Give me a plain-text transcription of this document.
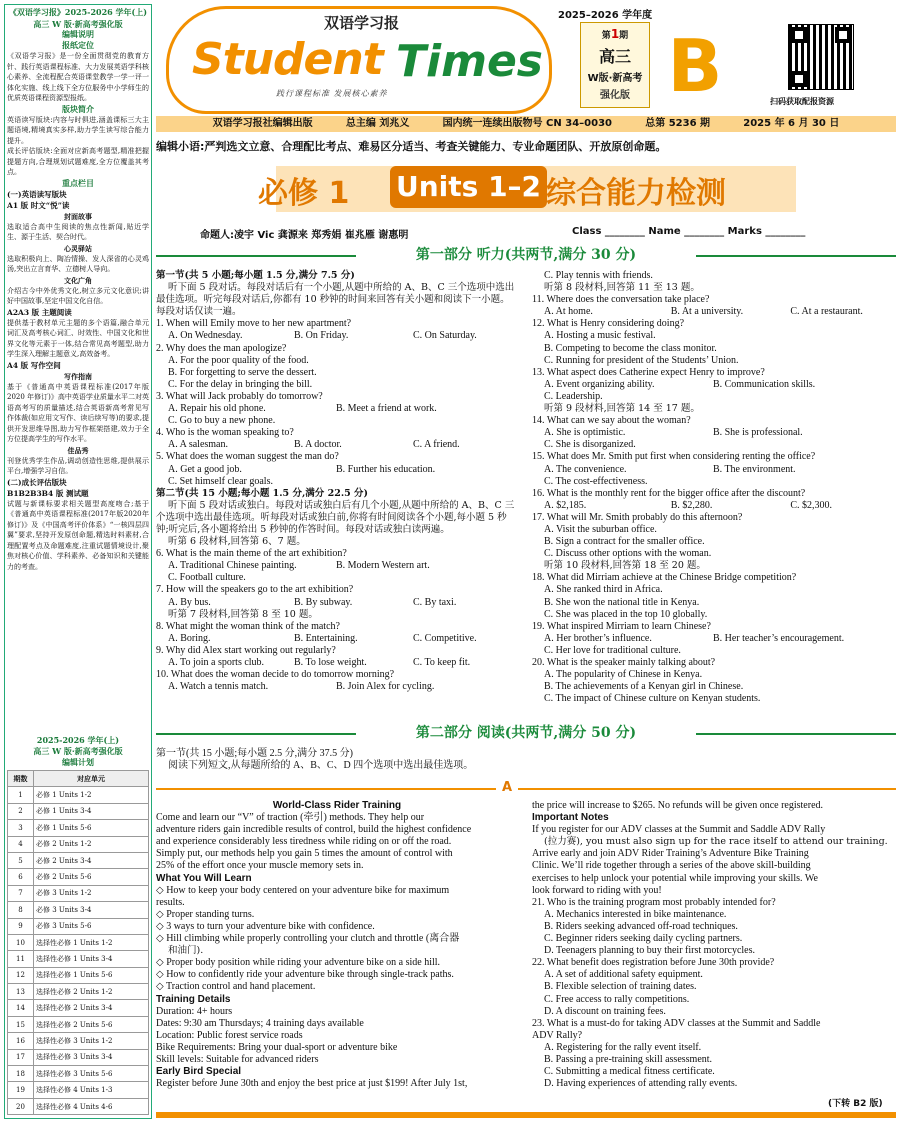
《双语学习报》2025-2026 学年(上)
高三 W 版·新高考强化版
编辑说明
报纸定位
《双语学习报》是一份全面贯彻党的教育方针、践行英语课程标准、大力发展英语学科核心素养、全流程配合英语课堂教学一学一评一体化实施、线上线下全方位服务中小学师生的优质英语课程资源型报纸。
版块简介
英语读写版块:内容与时俱进,涵盖课标三大主题语境,精境真实多样,助力学生读写综合能力提升。
成长评估版块:全面对应新高考题型,精准把握提题方向,合理规划试题难度,全方位覆盖其考点。
重点栏目
(一)英语读写版块
A1 版 时文“悦”读
封面故事
选取适合高中生阅读的焦点性新闻,贴近学生、源于生活、契合时代。
心灵驿站
选取积极向上、陶冶情操、发人深省的心灵鸡汤,突出立言育华、立德树人导向。
文化广角
介绍古今中外优秀文化,树立多元文化意识;讲好中国故事,坚定中国文化自信。
A2A3 版 主题阅读
提供基于教材单元主题的多个语篇,融合单元词汇及高考核心词汇、时效性、中国文化和世界文化等元素于一体,结合常见高考题型,助力学生深入理解主题意义,高效备考。
A4 版 写作空间
写作指南
基于《普通高中英语课程标准(2017年版 2020 年修订)》高中英语学业质量水平二对英语高考写的质量描述,结合英语新高考常见写作体裁(如应用文写作、读后续写等)的要求,提供开发思维导图,助力写作框架搭建,效力于全方位提高学生的写作水平。
佳品秀
刊登优秀学生作品,调动创造性思维,提供展示平台,增强学习自信。
(二)成长评估版块
B1B2B3B4 版 测试题
试题与新课标要求相关题型高度吻合;基于《普通高中英语课程标准(2017年版2020年修订)》及《中国高考评价体系》“一核四层四翼”要求,坚持开发原创命题,精选时料素材,合理配置考点及命题难度,注重试题情境设计,聚焦对核心价值、学科素养、必备知识和关键能力的考查。
2025-2026 学年(上)
高三 W 版·新高考强化版
编辑计划
期数	对应单元
1	必修 1 Units 1-2
2	必修 1 Units 3-4
3	必修 1 Units 5-6
4	必修 2 Units 1-2
5	必修 2 Units 3-4
6	必修 2 Units 5-6
7	必修 3 Units 1-2
8	必修 3 Units 3-4
9	必修 3 Units 5-6
10	选择性必修 1 Units 1-2
11	选择性必修 1 Units 3-4
12	选择性必修 1 Units 5-6
13	选择性必修 2 Units 1-2
14	选择性必修 2 Units 3-4
15	选择性必修 2 Units 5-6
16	选择性必修 3 Units 1-2
17	选择性必修 3 Units 3-4
18	选择性必修 3 Units 5-6
19	选择性必修 4 Units 1-3
20	选择性必修 4 Units 4-6
双语学习报
Student Times
践行课程标准 发展核心素养
2025–2026 学年度
第1期
高三
W版·新高考
强化版 B	扫码获取配报资源
双语学习报社编辑出版	总主编 刘兆义	国内统一连续出版物号 CN 34–0030	总第 5236 期	2025 年 6 月 30 日
编辑小语:严判选文立意、合理配比考点、难易区分适当、考查关键能力、专业命题团队、开放原创命题。
必修 1 Units 1–2 综合能力检测
命题人:凌宇 Vic 龚源来 郑秀娟 崔兆雁 谢惠明	Class ________ Name ________ Marks ________
第一部分 听力(共两节,满分 30 分)

第一节(共 5 小题;每小题 1.5 分,满分 7.5 分)

听下面 5 段对话。每段对话后有一个小题,从题中所给的 A、B、C 三个选项中选出最佳选项。听完每段对话后,你都有 10 秒钟的时间来回答有关小题和阅读下一小题。每段对话仅读一遍。

1. When will Emily move to her new apartment?

A. On Wednesday.	B. On Friday.	C. On Saturday.

2. Why does the man apologize?

A. For the poor quality of the food.

B. For forgetting to serve the dessert.

C. For the delay in bringing the bill.

3. What will Jack probably do tomorrow?

A. Repair his old phone.	B. Meet a friend at work.

C. Go to buy a new phone.

4. Who is the woman speaking to?

A. A salesman.	B. A doctor.	C. A friend.

5. What does the woman suggest the man do?

A. Get a good job.	B. Further his education.

C. Set himself clear goals.

第二节(共 15 小题;每小题 1.5 分,满分 22.5 分)

听下面 5 段对话或独白。每段对话或独白后有几个小题,从题中所给的 A、B、C 三个选项中选出最佳选项。听每段对话或独白前,你将有时间阅读各个小题,每小题 5 秒钟;听完后,各小题将给出 5 秒钟的作答时间。每段对话或独白读两遍。

听第 6 段材料,回答第 6、7 题。

6. What is the main theme of the art exhibition?

A. Traditional Chinese painting.	B. Modern Western art.

C. Football culture.

7. How will the speakers go to the art exhibition?

A. By bus.	B. By subway.	C. By taxi.

听第 7 段材料,回答第 8 至 10 题。

8. What might the woman think of the match?

A. Boring.	B. Entertaining.	C. Competitive.

9. Why did Alex start working out regularly?

A. To join a sports club.	B. To lose weight.	C. To keep fit.

10. What does the woman decide to do tomorrow morning?

A. Watch a tennis match.	B. Join Alex for cycling.

C. Play tennis with friends.

听第 8 段材料,回答第 11 至 13 题。

11. Where does the conversation take place?

A. At home.	B. At a university.	C. At a restaurant.

12. What is Henry considering doing?

A. Hosting a music festival.

B. Competing to become the class monitor.

C. Running for president of the Students’ Union.

13. What aspect does Catherine expect Henry to improve?

A. Event organizing ability.	B. Communication skills.

C. Leadership.

听第 9 段材料,回答第 14 至 17 题。

14. What can we say about the woman?

A. She is optimistic.	B. She is professional.

C. She is disorganized.

15. What does Mr. Smith put first when considering renting the office?

A. The convenience.	B. The environment.

C. The cost-effectiveness.

16. What is the monthly rent for the bigger office after the discount?

A. $2,185.	B. $2,280.	C. $2,300.

17. What will Mr. Smith probably do this afternoon?

A. Visit the suburban office.

B. Sign a contract for the smaller office.

C. Discuss other options with the woman.

听第 10 段材料,回答第 18 至 20 题。

18. What did Mirriam achieve at the Chinese Bridge competition?

A. She ranked third in Africa.

B. She won the national title in Kenya.

C. She was placed in the top 10 globally.

19. What inspired Mirriam to learn Chinese?

A. Her brother’s influence.	B. Her teacher’s encouragement.

C. Her love for traditional culture.

20. What is the speaker mainly talking about?

A. The popularity of Chinese in Kenya.

B. The achievements of a Kenyan girl in Chinese.

C. The impact of Chinese culture on Kenyan students.

第二部分 阅读(共两节,满分 50 分)

第一节(共 15 小题;每小题 2.5 分,满分 37.5 分)

阅读下列短文,从每题所给的 A、B、C、D 四个选项中选出最佳选项。

A

World-Class Rider Training

Come and learn our “V” of traction (牵引) methods. They help our

adventure riders gain incredible results of control, build the highest confidence

and experience considerably less tiredness while riding on or off the road.

Simply put, our methods help you gain 5 times the amount of control with

25% of the effort once your muscle memory sets in.

What You Will Learn

◇ How to keep your body centered on your adventure bike for maximum

results.

◇ Proper standing turns.

◇ 3 ways to turn your adventure bike with confidence.

◇ Hill climbing while properly controlling your clutch and throttle (离合器

和油门).

◇ Proper body position while riding your adventure bike on a side hill.

◇ How to confidently ride your adventure bike through single-track paths.

◇ Traction control and hand placement.

Training Details

Duration: 4+ hours

Dates: 9:30 am Thursdays; 4 training days available

Location: Public forest service roads

Bike Requirements: Bring your dual-sport or adventure bike

Skill levels: Suitable for advanced riders

Early Bird Special

Register before June 30th and enjoy the best price at just $199! After July 1st,

the price will increase to $265. No refunds will be given once registered.

Important Notes

If you register for our ADV classes at the Summit and Saddle ADV Rally

(拉力赛), you must also sign up for the race itself to attend our training.

Arrive early and join ADV Rider Training’s Adventure Bike Training

Clinic. We’ll ride together through a series of the above skill-building

exercises to help unlock your potential while improving your skills. We

look forward to riding with you!

21. Who is the training program most probably intended for?

A. Mechanics interested in bike maintenance.

B. Riders seeking advanced off-road techniques.

C. Beginner riders seeking daily cycling partners.

D. Teenagers planning to buy their first motorcycles.

22. What benefit does registration before June 30th provide?

A. A set of additional safety equipment.

B. Flexible selection of training dates.

C. Free access to rally competitions.

D. A discount on training fees.

23. What is a must-do for taking ADV classes at the Summit and Saddle

ADV Rally?

A. Registering for the rally event itself.

B. Passing a pre-training skill assessment.

C. Submitting a medical fitness certificate.

D. Having experiences of attending rally events.

(下转 B2 版)
